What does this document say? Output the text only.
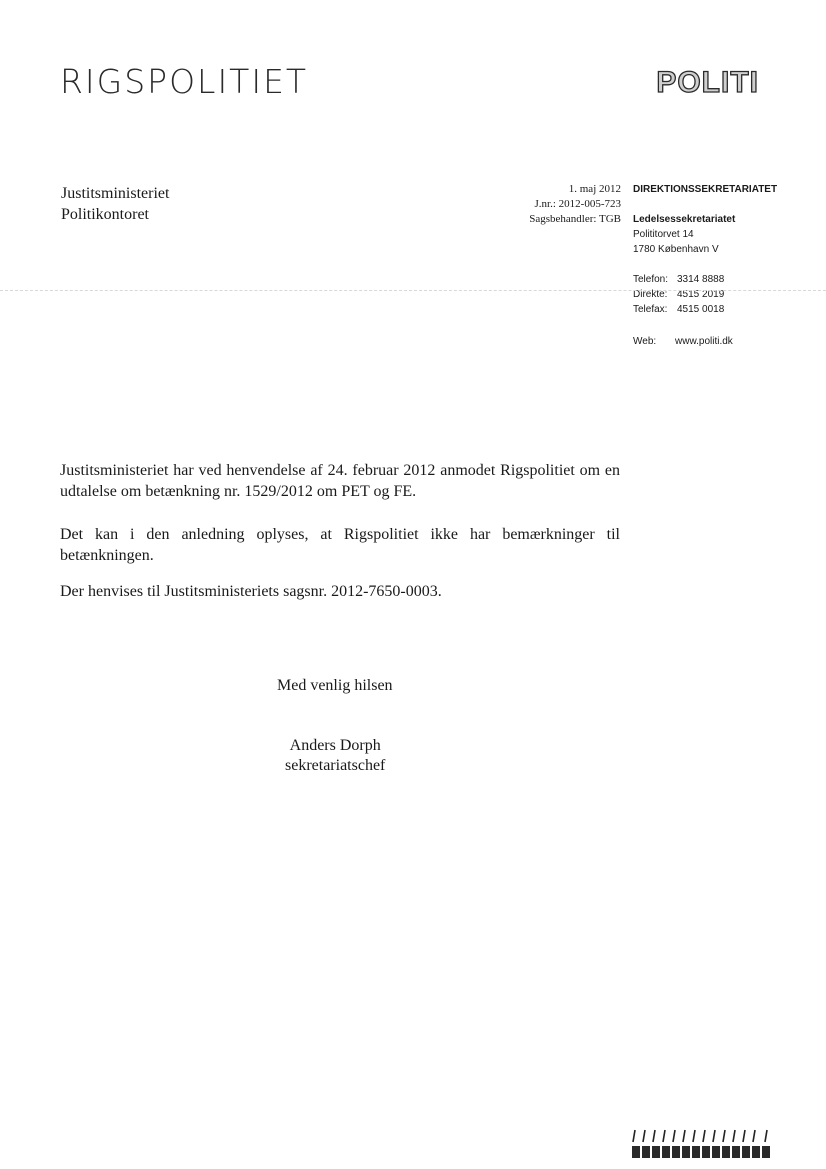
RIGSPOLITIET	POLITI
Justitsministeriet
Politikontoret
1. maj 2012
J.nr.: 2012-005-723
Sagsbehandler: TGB
DIREKTIONSSEKRETARIATET
Ledelsessekretariatet
Polititorvet 14
1780 København V
Telefon: 3314 8888
Direkte: 4515 2019
Telefax: 4515 0018
Web:	www.politi.dk
Justitsministeriet har ved henvendelse af 24. februar 2012 anmodet Rigspolitiet om en udtalelse om betænkning nr. 1529/2012 om PET og FE.
Det kan i den anledning oplyses, at Rigspolitiet ikke har bemærkninger til betænkningen.
Der henvises til Justitsministeriets sagsnr. 2012-7650-0003.
Med venlig hilsen
Anders Dorph
sekretariatschef
